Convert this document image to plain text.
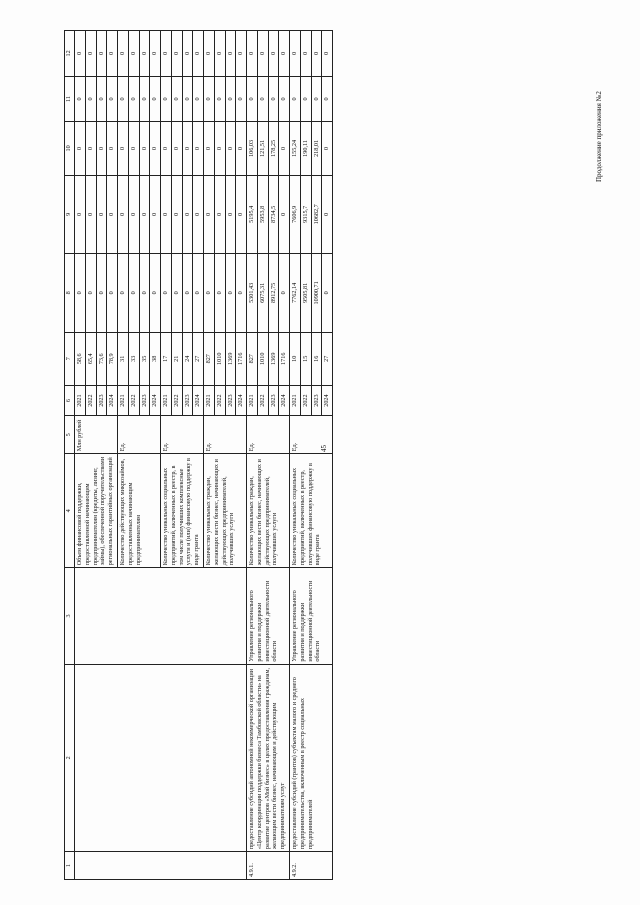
45
Продолжение приложения №2
1	2	3	4	5	6	7	8	9	10	11	12
			Объем финансовой поддержки, предоставленной начинающим предпринимателям (кредиты, лизинг, займы), обеспеченной поручительствами региональных гарантийных организаций	Млн рублей	2021	58,6	0	0	0	0	0
					2022	65,4	0	0	0	0	0
					2023	73,6	0	0	0	0	0
					2024	78,9	0	0	0	0	0
			Количество действующих микрозаймов, предоставленных начинающим предпринимателям	Ед.	2021	31	0	0	0	0	0
					2022	33	0	0	0	0	0
					2023	35	0	0	0	0	0
					2024	38	0	0	0	0	0
			Количество уникальных социальных предприятий, включенных в реестр, в том числе получивших комплексные услуги и (или) финансовую поддержку в виде гранта	Ед.	2021	17	0	0	0	0	0
					2022	21	0	0	0	0	0
					2023	24	0	0	0	0	0
					2024	27	0	0	0	0	0
			Количество уникальных граждан, желающих вести бизнес, начинающих и действующих предпринимателей, получивших услуги	Ед.	2021	827	0	0	0	0	0
					2022	1010	0	0	0	0	0
					2023	1369	0	0	0	0	0
					2024	1716	0	0	0	0	0
4.9.1.	предоставление субсидий автономной некоммерческой организации «Центр координации поддержки бизнеса Тамбовской области» на развитие центров «Мой бизнес» в целях предоставления гражданам, желающим вести бизнес, начинающим и действующим предпринимателям услуг	Управление регионального развития и поддержки инвестиционной деятельности области	Количество уникальных граждан, желающих вести бизнес, начинающих и действующих предпринимателей, получивших услуги	Ед.	2021	827	5301,43	5195,4	106,03	0	0
					2022	1010	6075,31	5953,8	121,51	0	0
					2023	1369	8912,75	8734,5	178,25	0	0
					2024	1716	0	0	0	0	0
4.9.2.	предоставление субсидий (грантов) субъектам малого и среднего предпринимательства, включенным в реестр социальных предпринимателей	Управление регионального развития и поддержки инвестиционной деятельности области	Количество уникальных социальных предприятий, включенных в реестр, получивших финансовую поддержку в виде гранта	Ед.	2021	10	7762,14	7606,9	155,24	0	0
					2022	15	9505,81	9315,7	190,11	0	0
					2023	16	10900,71	10682,7	218,01	0	0
					2024	27	0	0	0	0	0
